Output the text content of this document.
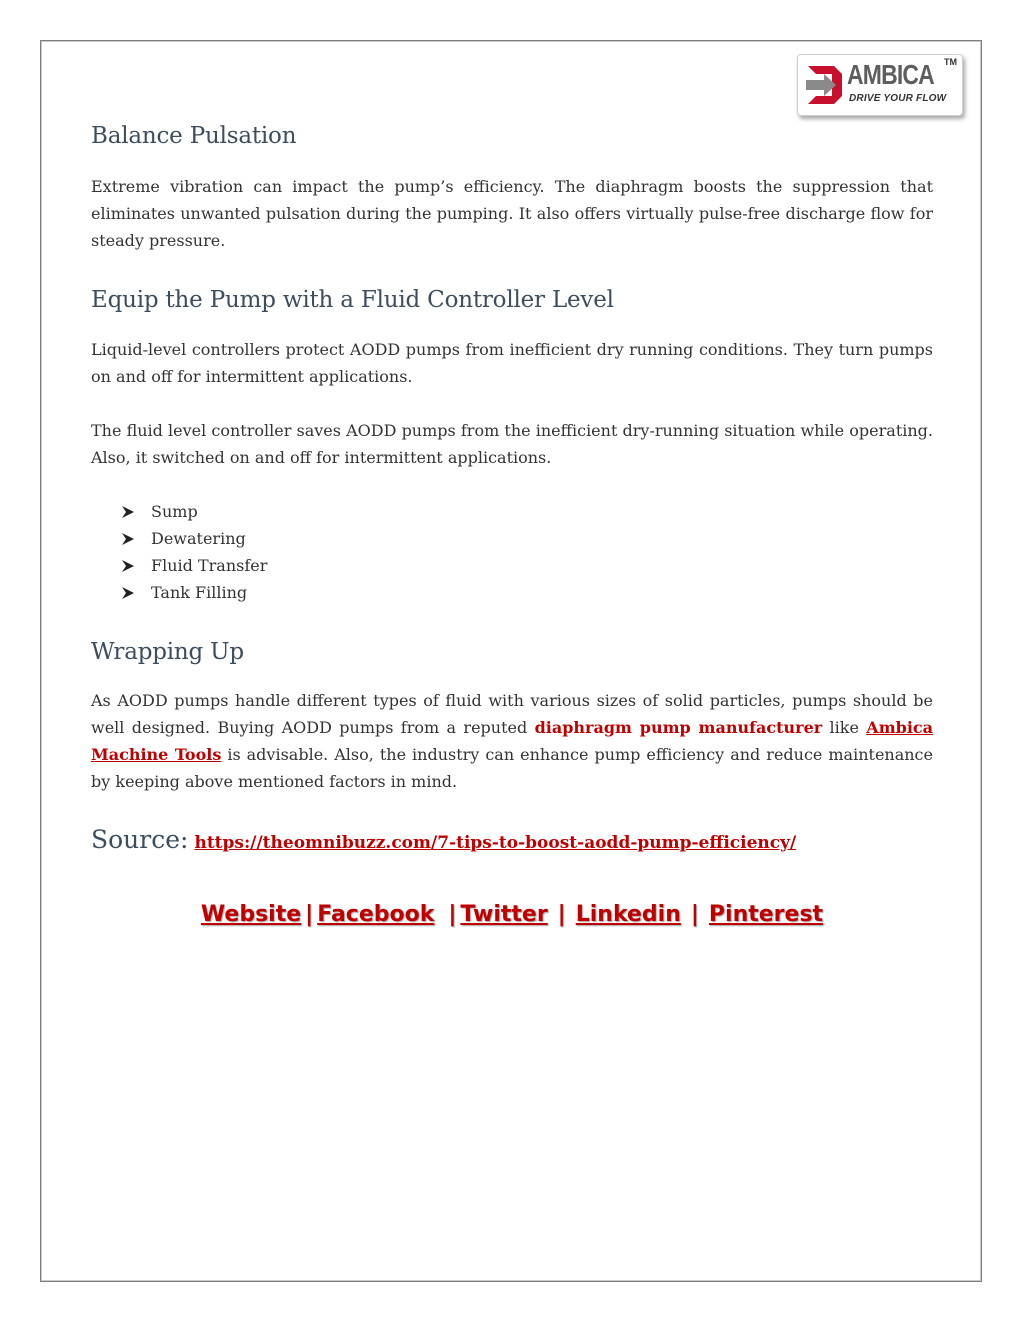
AMBICA TM
DRIVE YOUR FLOW
Balance Pulsation

Extreme vibration can impact the pump’s efficiency. The diaphragm boosts the suppression that eliminates unwanted pulsation during the pumping. It also offers virtually pulse-free discharge flow for steady pressure.

Equip the Pump with a Fluid Controller Level

Liquid-level controllers protect AODD pumps from inefficient dry running conditions. They turn pumps on and off for intermittent applications.

The fluid level controller saves AODD pumps from the inefficient dry-running situation while operating. Also, it switched on and off for intermittent applications.

Sump
Dewatering
Fluid Transfer
Tank Filling
Wrapping Up

As AODD pumps handle different types of fluid with various sizes of solid particles, pumps should be well designed. Buying AODD pumps from a reputed diaphragm pump manufacturer like Ambica Machine Tools is advisable. Also, the industry can enhance pump efficiency and reduce maintenance by keeping above mentioned factors in mind.

Source: https://theomnibuzz.com/7-tips-to-boost-aodd-pump-efficiency/
Website | Facebook | Twitter | Linkedin | Pinterest
